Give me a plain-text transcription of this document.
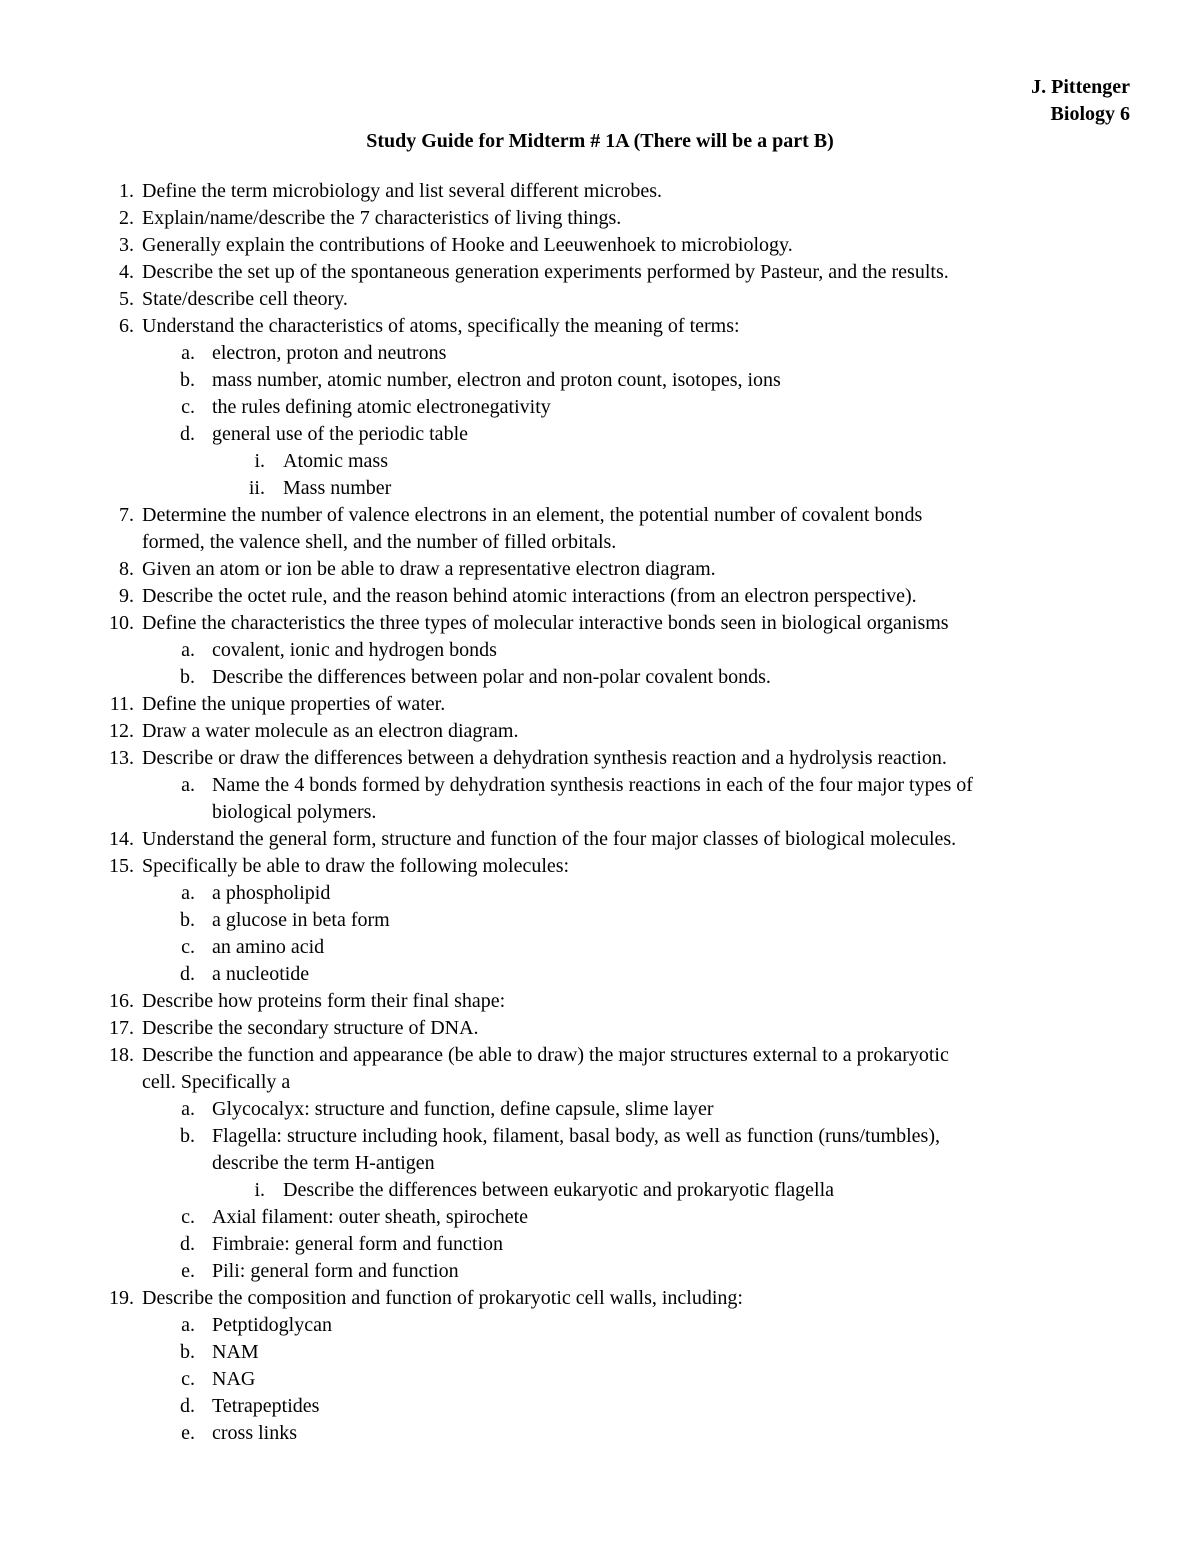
J. Pittenger
Biology 6
Study Guide for Midterm # 1A (There will be a part B)
1. Define the term microbiology and list several different microbes.
2. Explain/name/describe the 7 characteristics of living things.
3. Generally explain the contributions of Hooke and Leeuwenhoek to microbiology.
4. Describe the set up of the spontaneous generation experiments performed by Pasteur, and the results.
5. State/describe cell theory.
6. Understand the characteristics of atoms, specifically the meaning of terms:
a. electron, proton and neutrons
b. mass number, atomic number, electron and proton count, isotopes, ions
c. the rules defining atomic electronegativity
d. general use of the periodic table
i. Atomic mass
ii. Mass number
7. Determine the number of valence electrons in an element, the potential number of covalent bonds
formed, the valence shell, and the number of filled orbitals.
8. Given an atom or ion be able to draw a representative electron diagram.
9. Describe the octet rule, and the reason behind atomic interactions (from an electron perspective).
10. Define the characteristics the three types of molecular interactive bonds seen in biological organisms
a. covalent, ionic and hydrogen bonds
b. Describe the differences between polar and non-polar covalent bonds.
11. Define the unique properties of water.
12. Draw a water molecule as an electron diagram.
13. Describe or draw the differences between a dehydration synthesis reaction and a hydrolysis reaction.
a. Name the 4 bonds formed by dehydration synthesis reactions in each of the four major types of
biological polymers.
14. Understand the general form, structure and function of the four major classes of biological molecules.
15. Specifically be able to draw the following molecules:
a. a phospholipid
b. a glucose in beta form
c. an amino acid
d. a nucleotide
16. Describe how proteins form their final shape:
17. Describe the secondary structure of DNA.
18. Describe the function and appearance (be able to draw) the major structures external to a prokaryotic
cell. Specifically a
a. Glycocalyx: structure and function, define capsule, slime layer
b. Flagella: structure including hook, filament, basal body, as well as function (runs/tumbles),
describe the term H-antigen
i. Describe the differences between eukaryotic and prokaryotic flagella
c. Axial filament: outer sheath, spirochete
d. Fimbraie: general form and function
e. Pili: general form and function
19. Describe the composition and function of prokaryotic cell walls, including:
a. Petptidoglycan
b. NAM
c. NAG
d. Tetrapeptides
e. cross links
